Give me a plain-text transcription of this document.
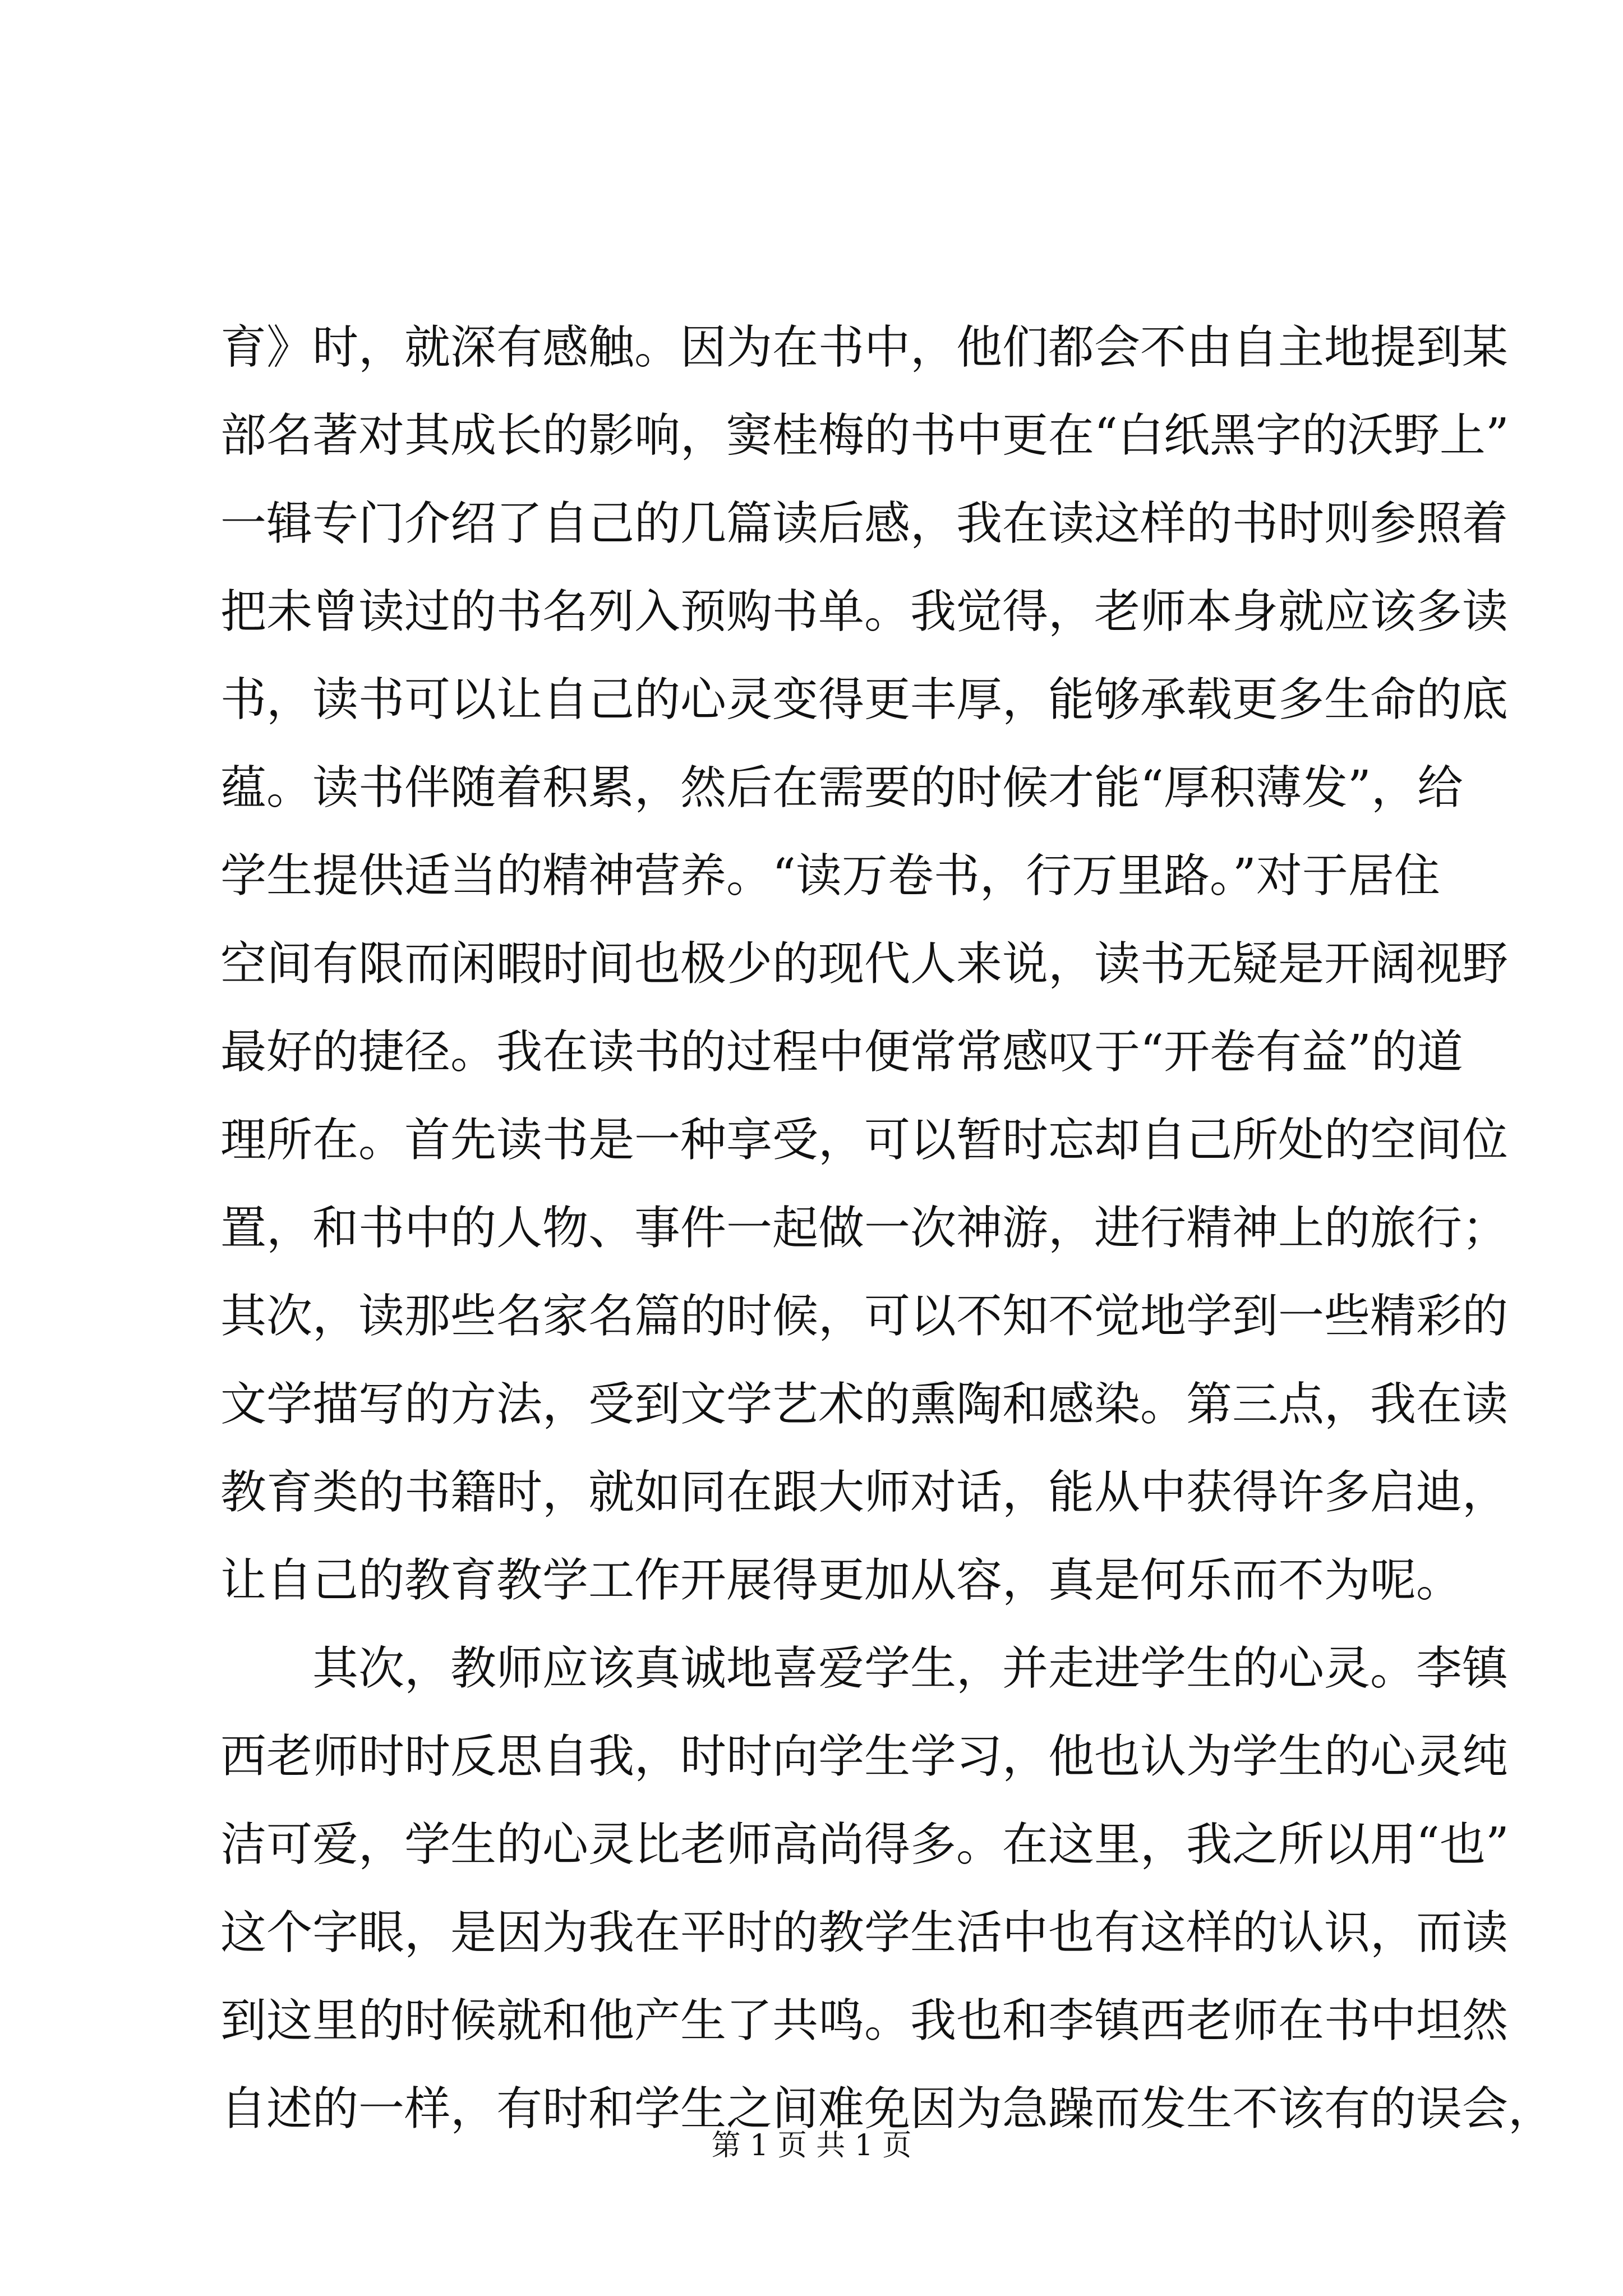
育》时，就深有感触。因为在书中，他们都会不由自主地提到某
部名著对其成长的影响，窦桂梅的书中更在“白纸黑字的沃野上”
一辑专门介绍了自己的几篇读后感，我在读这样的书时则参照着
把未曾读过的书名列入预购书单。我觉得，老师本身就应该多读
书，读书可以让自己的心灵变得更丰厚，能够承载更多生命的底
蕴。读书伴随着积累，然后在需要的时候才能“厚积薄发”，给
学生提供适当的精神营养。“读万卷书，行万里路。”对于居住
空间有限而闲暇时间也极少的现代人来说，读书无疑是开阔视野
最好的捷径。我在读书的过程中便常常感叹于“开卷有益”的道
理所在。首先读书是一种享受，可以暂时忘却自己所处的空间位
置，和书中的人物、事件一起做一次神游，进行精神上的旅行；
其次，读那些名家名篇的时候，可以不知不觉地学到一些精彩的
文学描写的方法，受到文学艺术的熏陶和感染。第三点，我在读
教育类的书籍时，就如同在跟大师对话，能从中获得许多启迪，
让自己的教育教学工作开展得更加从容，真是何乐而不为呢。
其次，教师应该真诚地喜爱学生，并走进学生的心灵。李镇
西老师时时反思自我，时时向学生学习，他也认为学生的心灵纯
洁可爱，学生的心灵比老师高尚得多。在这里，我之所以用“也”
这个字眼，是因为我在平时的教学生活中也有这样的认识，而读
到这里的时候就和他产生了共鸣。我也和李镇西老师在书中坦然
自述的一样，有时和学生之间难免因为急躁而发生不该有的误会，
第 1 页 共 1 页
